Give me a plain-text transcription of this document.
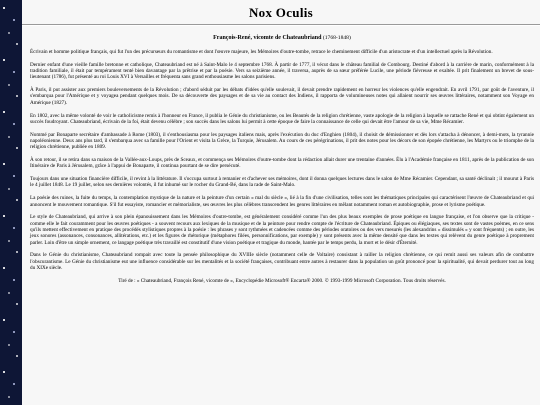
Nox Oculis
François-René, vicomte de Chateaubriand (1768-1848)

Écrivain et homme politique français, qui fut l'un des précurseurs du romantisme et dont l'œuvre majeure, les Mémoires d'outre-tombe, retrace le cheminement difficile d'un aristocrate et d'un intellectuel après la Révolution.

Dernier enfant d'une vieille famille bretonne et catholique, Chateaubriand est né à Saint-Malo le 4 septembre 1768. À partir de 1777, il vécut dans le château familial de Combourg. Destiné d'abord à la carrière de marin, conformément à la tradition familiale, il était par tempérament tenté bien davantage par la prêtrise et par la poésie. Vers sa seizième année, il traversa, auprès de sa sœur préférée Lucile, une période fiévreuse et exaltée. Il prit finalement un brevet de sous-lieutenant (1786), fut présenté au roi Louis XVI à Versailles et fréquenta sans grand enthousiasme les salons parisiens.

À Paris, il put assister aux premiers bouleversements de la Révolution ; d'abord séduit par les débats d'idées qu'elle soulevait, il devait prendre rapidement en horreur les violences qu'elle engendrait. En avril 1791, par goût de l'aventure, il s'embarqua pour l'Amérique et y voyagea pendant quelques mois. De sa découverte des paysages et de sa vie au contact des Indiens, il rapporta de volumineuses notes qui allaient nourrir ses œuvres littéraires, notamment son Voyage en Amérique (1827).

En 1802, avec la même volonté de voir le catholicisme remis à l'honneur en France, il publia le Génie du christianisme, ou les Beautés de la religion chrétienne, vaste apologie de la religion à laquelle se rattache René et qui obtint également un succès foudroyant. Chateaubriand, écrivain de la foi, était devenu célèbre ; son succès dans les salons lui permit à cette époque de faire la connaissance de celle qui devait être l'amour de sa vie, Mme Récamier.

Nommé par Bonaparte secrétaire d'ambassade à Rome (1803), il s'enthousiasma pour les paysages italiens mais, après l'exécution du duc d'Enghien (1804), il choisit de démissionner et dès lors s'attacha à dénoncer, à demi-mots, la tyrannie napoléonienne. Deux ans plus tard, il s'embarqua avec sa famille pour l'Orient et visita la Grèce, la Turquie, Jérusalem. Au cours de ces pérégrinations, il prit des notes pour les décors de son épopée chrétienne, les Martyrs ou le triomphe de la religion chrétienne, publiée en 1809.

À son retour, il se retira dans sa maison de la Vallée-aux-Loups, près de Sceaux, et commença ses Mémoires d'outre-tombe dont la rédaction allait durer une trentaine d'années. Élu à l'Académie française en 1811, après de la publication de son Itinéraire de Paris à Jérusalem, grâce à l'appui de Bonaparte, il continua pourtant de se dire persécuté.

Toujours dans une situation financière difficile, il revint à la littérature. Il s'occupa surtout à remanier et d'achever ses mémoires, dont il donna quelques lectures dans le salon de Mme Récamier. Cependant, sa santé déclinait ; il mourut à Paris le 4 juillet 1848. Le 19 juillet, selon ses dernières volontés, il fut inhumé sur le rocher du Grand-Bé, dans la rade de Saint-Malo.

La poésie des ruines, la fuite du temps, la contemplation mystique de la nature et la peinture d'un certain « mal du siècle », lié à la fin d'une civilisation, telles sont les thématiques principales qui caractérisent l'œuvre de Chateaubriand et qui annoncent le mouvement romantique. S'il fut essayiste, romancier et mémorialiste, ses œuvres les plus célèbres transcendent les genres littéraires en mêlant notamment roman et autobiographie, prose et lyrisme poétique.

Le style de Chateaubriand, qui arrive à son plein épanouissement dans les Mémoires d'outre-tombe, est généralement considéré comme l'un des plus beaux exemples de prose poétique en langue française, et l'on observe que la critique - comme elle le fait couramment pour les œuvres poétiques - a souvent recours aux lexiques de la musique et de la peinture pour rendre compte de l'écriture de Chateaubriand. Épiques ou élégiaques, ses textes sont de vastes poèmes, en ce sens qu'ils mettent effectivement en pratique des procédés stylistiques propres à la poésie : les phrases y sont rythmées et cadencées comme des périodes oratoires ou des vers mesurés (les alexandrins « dissimulés » y sont fréquents) ; en outre, les jeux sonores (assonances, consonances, allitérations, etc.) et les figures de rhétorique (métaphores filées, personnifications, par exemple) y sont présents avec la même densité que dans les textes qui relèvent du genre poétique à proprement parler. Loin d'être un simple ornement, ce langage poétique très travaillé est constitutif d'une vision poétique et tragique du monde, hantée par le temps perdu, la mort et le désir d'Éternité.

Dans le Génie du christianisme, Chateaubriand rompait avec toute la pensée philosophique du XVIIIe siècle (notamment celle de Voltaire) consistant à railler la religion chrétienne, ce qui remit aussi ses valeurs afin de combattre l'obscurantisme. Le Génie du christianisme eut une influence considérable sur les mentalités et la société françaises, contribuant entre autres à restaurer dans la population un goût prononcé pour la spiritualité, qui devait perdurer tout au long du XIXe siècle.

Tiré de : « Chateaubriand, François René, vicomte de », Encyclopédie Microsoft® Encarta® 2000. © 1993-1999 Microsoft Corporation. Tous droits réservés.
